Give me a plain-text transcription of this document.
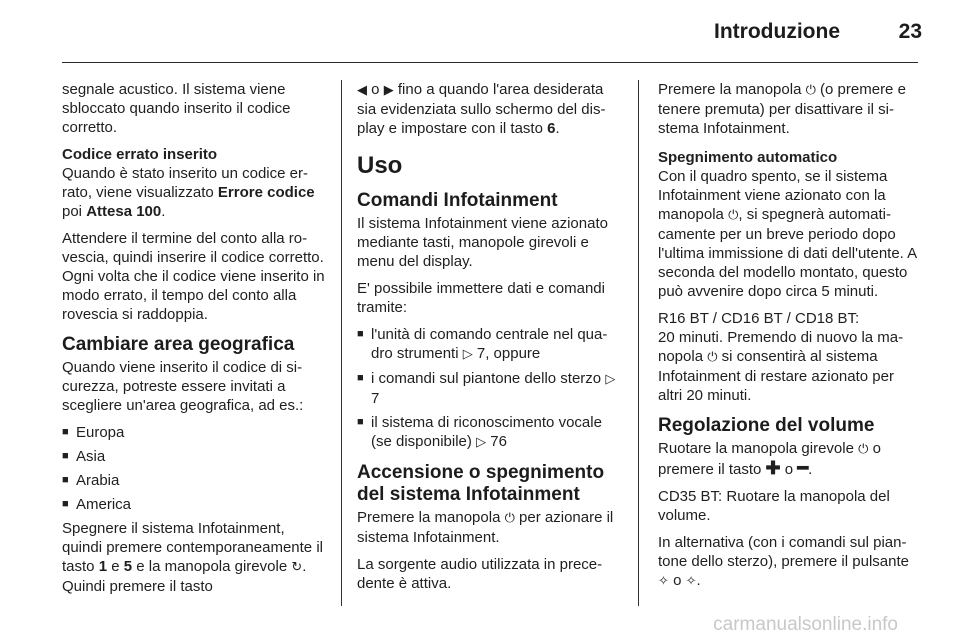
Introduzione	23

segnale acustico. Il sistema viene sbloccato quando inserito il codice corretto.

Codice errato inserito

Quando è stato inserito un codice errato, viene visualizzato Errore codice poi Attesa 100.

Attendere il termine del conto alla rovescia, quindi inserire il codice corretto. Ogni volta che il codice viene inserito in modo errato, il tempo del conto alla rovescia si raddoppia.

Cambiare area geografica

Quando viene inserito il codice di sicurezza, potreste essere invitati a scegliere un'area geografica, ad es.:

■ Europa
■ Asia
■ Arabia
■ America

Spegnere il sistema Infotainment, quindi premere contemporaneamente il tasto 1 e 5 e la manopola girevole ↻. Quindi premere il tasto

◀ o ▶ fino a quando l'area desiderata sia evidenziata sullo schermo del display e impostare con il tasto 6.

Uso
Comandi Infotainment

Il sistema Infotainment viene azionato mediante tasti, manopole girevoli e menu del display.

E' possibile immettere dati e comandi tramite:

■ l'unità di comando centrale nel quadro strumenti ▷ 7, oppure
■ i comandi sul piantone dello sterzo ▷ 7
■ il sistema di riconoscimento vocale (se disponibile) ▷ 76
Accensione o spegnimento del sistema Infotainment

Premere la manopola ⏻ per azionare il sistema Infotainment.

La sorgente audio utilizzata in precedente è attiva.

Premere la manopola ⏻ (o premere e tenere premuta) per disattivare il sistema Infotainment.

Spegnimento automatico

Con il quadro spento, se il sistema Infotainment viene azionato con la manopola ⏻, si spegnerà automaticamente per un breve periodo dopo l'ultima immissione di dati dell'utente. A seconda del modello montato, questo può avvenire dopo circa 5 minuti.

R16 BT / CD16 BT / CD18 BT:

20 minuti. Premendo di nuovo la manopola ⏻ si consentirà al sistema Infotainment di restare azionato per altri 20 minuti.

Regolazione del volume

Ruotare la manopola girevole ⏻ o premere il tasto ✚ o ━.

CD35 BT: Ruotare la manopola del volume.

In alternativa (con i comandi sul piantone dello sterzo), premere il pulsante ✧ o ✧.

carmanualsonline.info
